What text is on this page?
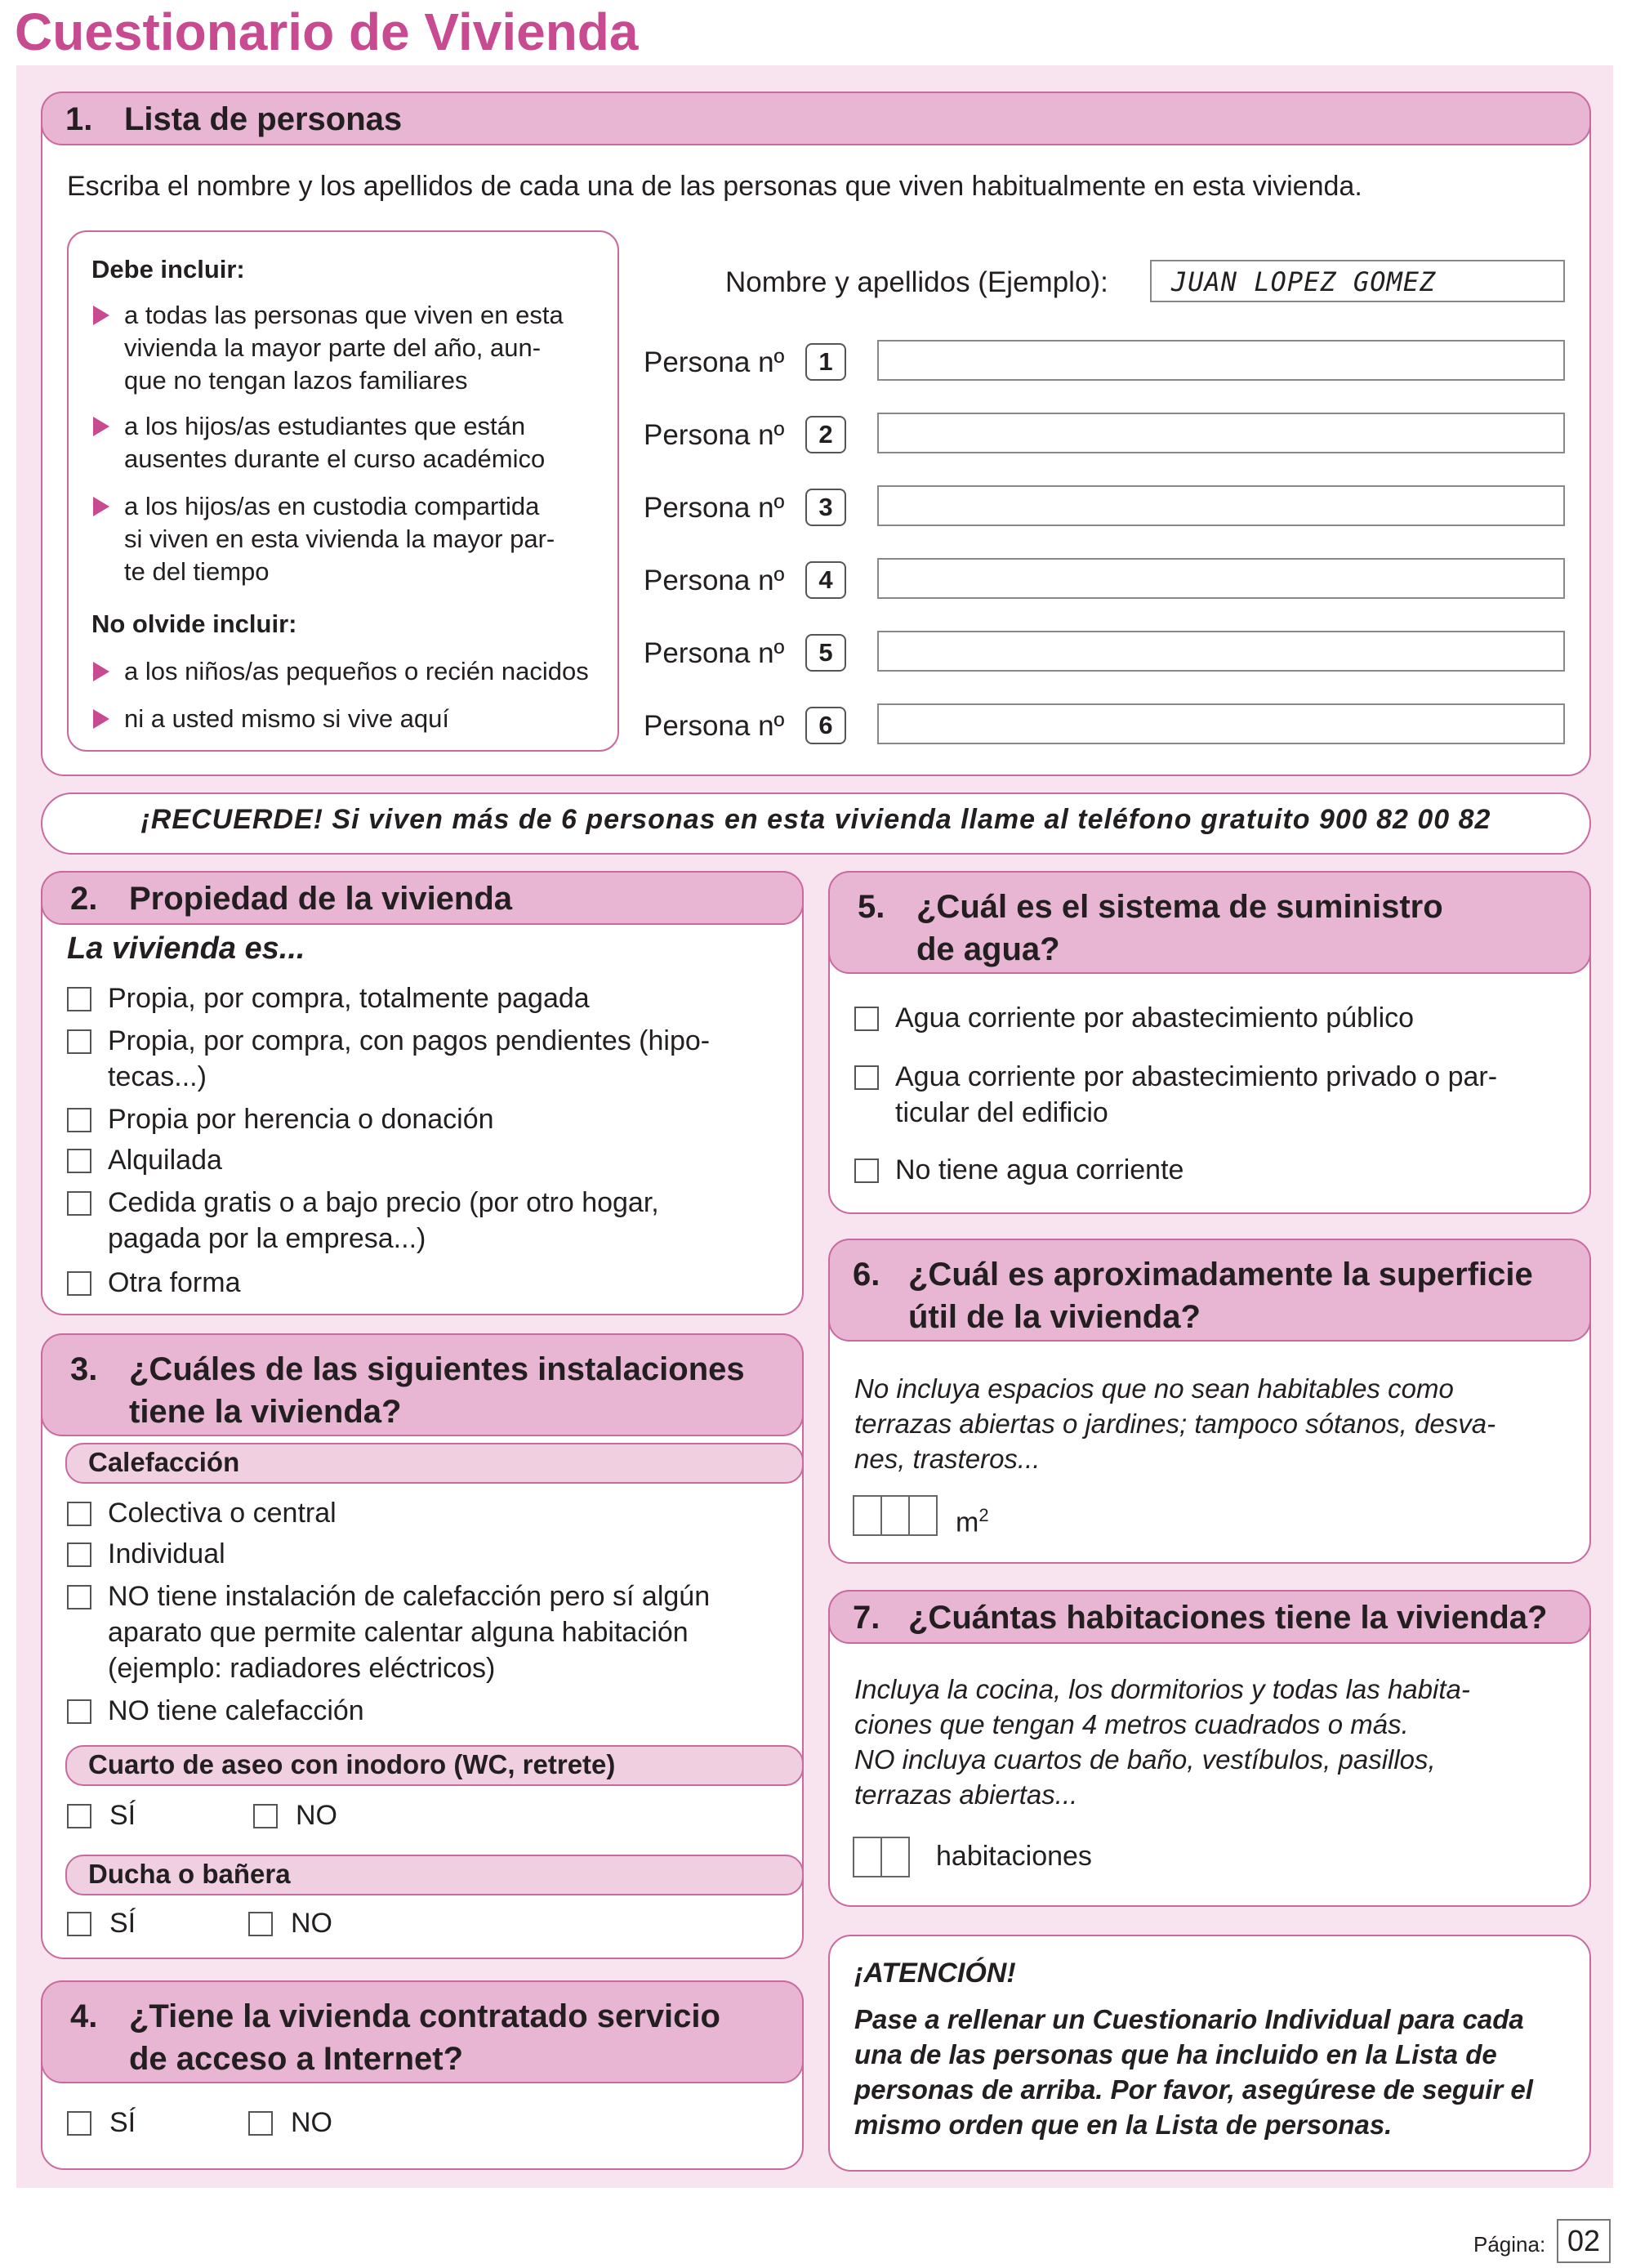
Cuestionario de Vivienda
1. Lista de personas
Escriba el nombre y los apellidos de cada una de las personas que viven habitualmente en esta vivienda.
Debe incluir:
a todas las personas que viven en esta
vivienda la mayor parte del año, aun-
que no tengan lazos familiares
a los hijos/as estudiantes que están
ausentes durante el curso académico
a los hijos/as en custodia compartida
si viven en esta vivienda la mayor par-
te del tiempo
No olvide incluir:
a los niños/as pequeños o recién nacidos
ni a usted mismo si vive aquí
Nombre y apellidos (Ejemplo): JUAN LOPEZ GOMEZ
Persona nº	1
Persona nº	2
Persona nº	3
Persona nº	4
Persona nº	5
Persona nº	6
¡RECUERDE! Si viven más de 6 personas en esta vivienda llame al teléfono gratuito 900 82 00 82
2. Propiedad de la vivienda
La vivienda es...
Propia, por compra, totalmente pagada
Propia, por compra, con pagos pendientes (hipo-
tecas...)
Propia por herencia o donación
Alquilada
Cedida gratis o a bajo precio (por otro hogar,
pagada por la empresa...)
Otra forma
3. ¿Cuáles de las siguientes instalaciones
tiene la vivienda?
Calefacción
Colectiva o central
Individual
NO tiene instalación de calefacción pero sí algún
aparato que permite calentar alguna habitación
(ejemplo: radiadores eléctricos)
NO tiene calefacción
Cuarto de aseo con inodoro (WC, retrete)
SÍ	NO
Ducha o bañera
SÍ	NO
4. ¿Tiene la vivienda contratado servicio
de acceso a Internet?
SÍ	NO
5. ¿Cuál es el sistema de suministro
de agua?
Agua corriente por abastecimiento público
Agua corriente por abastecimiento privado o par-
ticular del edificio
No tiene agua corriente
6. ¿Cuál es aproximadamente la superficie
útil de la vivienda?
No incluya espacios que no sean habitables como
terrazas abiertas o jardines; tampoco sótanos, desva-
nes, trasteros...
$m^2$
7. ¿Cuántas habitaciones tiene la vivienda?
Incluya la cocina, los dormitorios y todas las habita-
ciones que tengan 4 metros cuadrados o más.
NO incluya cuartos de baño, vestíbulos, pasillos,
terrazas abiertas...
habitaciones
¡ATENCIÓN!
Pase a rellenar un Cuestionario Individual para cada
una de las personas que ha incluido en la Lista de
personas de arriba. Por favor, asegúrese de seguir el
mismo orden que en la Lista de personas.
Página: 02
